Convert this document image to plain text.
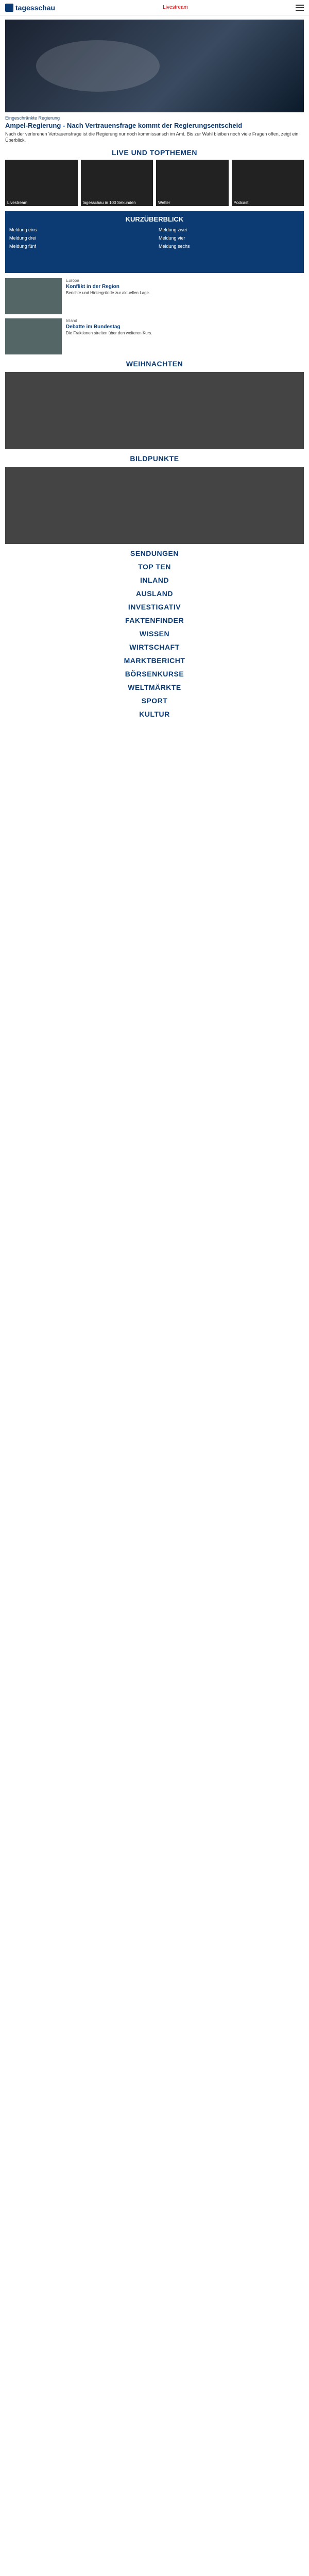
tagesschau	Livestream
Eingeschränkte Regierung
Ampel-Regierung - Nach Vertrauensfrage kommt der Regierungsentscheid
Nach der verlorenen Vertrauensfrage ist die Regierung nur noch kommissarisch im Amt. Bis zur Wahl bleiben noch viele Fragen offen, zeigt ein Überblick.
LIVE UND TOPTHEMEN
Livestream	tagesschau in 100 Sekunden	Wetter	Podcast
KURZÜBERBLICK
Meldung eins	Meldung zwei
Meldung drei	Meldung vier
Meldung fünf	Meldung sechs
Europa
Konflikt in der Region
Berichte und Hintergründe zur aktuellen Lage.
Inland
Debatte im Bundestag
Die Fraktionen streiten über den weiteren Kurs.
WEIHNACHTEN
BILDPUNKTE
SENDUNGEN
TOP TEN
INLAND
AUSLAND
INVESTIGATIV
FAKTENFINDER
WISSEN
WIRTSCHAFT
MARKTBERICHT
BÖRSENKURSE
WELTMÄRKTE
SPORT
KULTUR
